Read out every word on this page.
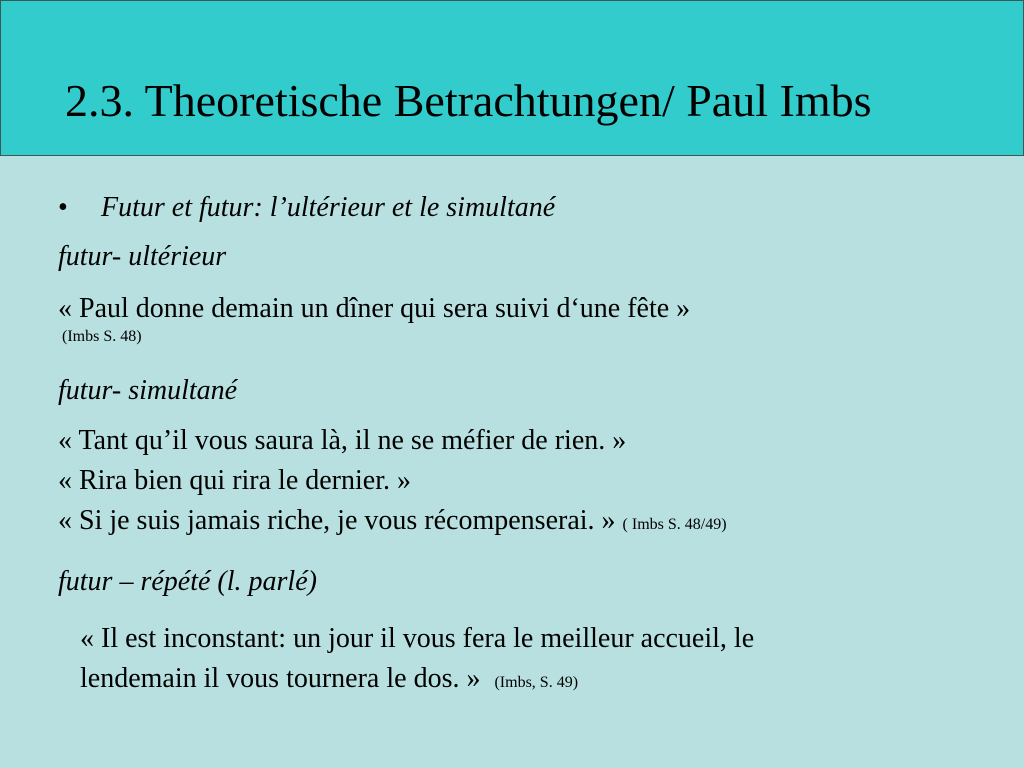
2.3. Theoretische Betrachtungen/ Paul Imbs
• Futur et futur: l’ultérieur et le simultané
futur- ultérieur
« Paul donne demain un dîner qui sera suivi d‘une fête »
(Imbs S. 48)
futur- simultané
« Tant qu’il vous saura là, il ne se méfier de rien. »
« Rira bien qui rira le dernier. »
« Si je suis jamais riche, je vous récompenserai. » ( Imbs S. 48/49)
futur – répété (l. parlé)
« Il est inconstant: un jour il vous fera le meilleur accueil, le
lendemain il vous tournera le dos. » (Imbs, S. 49)
